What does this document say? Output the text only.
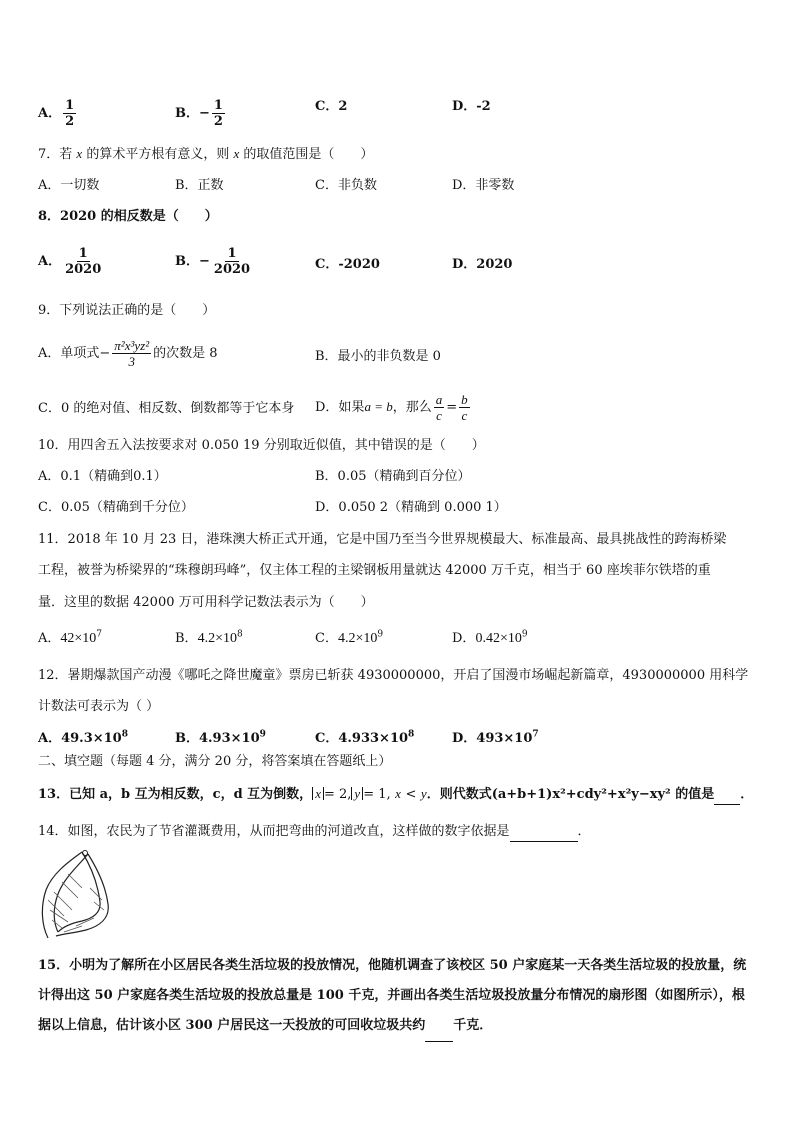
A． $\frac{1}{2}$	B．− $\frac{1}{2}$	C．2	D．-2
7．若 x 的算术平方根有意义，则 x 的取值范围是（　　）
A．一切数	B．正数	C．非负数	D．非零数
8．2020 的相反数是（　　）
A． $\frac{1}{2020}$	B．− $\frac{1}{2020}$	C．-2020	D．2020
9．下列说法正确的是（　　）
A．单项式− $\frac{\text{π²x³yz²}}{3}$ 的次数是 8	B．最小的非负数是 0
C．0 的绝对值、相反数、倒数都等于它本身 D．如果a = b，那么 $\frac{a}{c} = \frac{b}{c}$
10．用四舍五入法按要求对 0.050 19 分别取近似值，其中错误的是（　　）
A．0.1（精确到0.1）	B．0.05（精确到百分位）
C．0.05（精确到千分位）	D．0.050 2（精确到 0.000 1）
11．2018 年 10 月 23 日，港珠澳大桥正式开通，它是中国乃至当今世界规模最大、标准最高、最具挑战性的跨海桥梁
工程，被誉为桥梁界的“珠穆朗玛峰”，仅主体工程的主梁钢板用量就达 42000 万千克，相当于 60 座埃菲尔铁塔的重
量．这里的数据 42000 万可用科学记数法表示为（　　）
A．$42\times 10^7$	B．$4.2\times 10^8$	C．$4.2\times 10^9$	D．$0.42\times 10^9$
12．暑期爆款国产动漫《哪吒之降世魔童》票房已斩获 4930000000，开启了国漫市场崛起新篇章，4930000000 用科学
计数法可表示为（ ）
A．$49.3\times 10^8$	B．$4.93\times 10^9$	C．$4.933\times 10^8$	D．$493\times 10^7$
二、填空题（每题 4 分，满分 20 分，将答案填在答题纸上）
13．已知 a，b 互为相反数，c，d 互为倒数， x = 2, y = 1, x < y．则代数式(a+b+1)x²+cdy²+x²y−xy² 的值是 ．
14．如图，农民为了节省灌溉费用，从而把弯曲的河道改直，这样做的数字依据是	．
15．小明为了解所在小区居民各类生活垃圾的投放情况，他随机调查了该校区 50 户家庭某一天各类生活垃圾的投放量，统计得出这 50 户家庭各类生活垃圾的投放总量是 100 千克，并画出各类生活垃圾投放量分布情况的扇形图（如图所示），根据以上信息，估计该小区 300 户居民这一天投放的可回收垃圾共约 千克．
